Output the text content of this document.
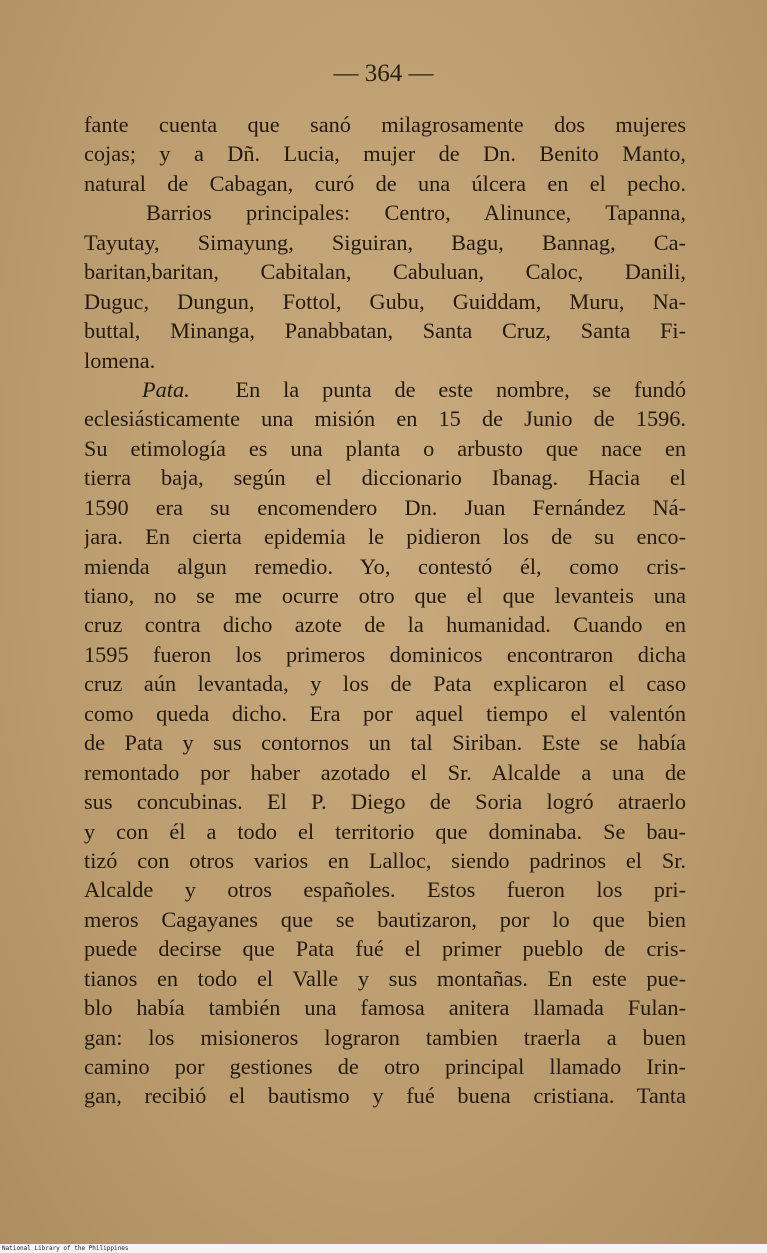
— 364 —
fante cuenta que sanó milagrosamente dos mujeres
cojas; y a Dñ. Lucia, mujer de Dn. Benito Manto,
natural de Cabagan, curó de una úlcera en el pecho.
Barrios principales: Centro, Alinunce, Tapanna,
Tayutay, Simayung, Siguiran, Bagu, Bannag, Ca-
baritan,baritan, Cabitalan, Cabuluan, Caloc, Danili,
Duguc, Dungun, Fottol, Gubu, Guiddam, Muru, Na-
buttal, Minanga, Panabbatan, Santa Cruz, Santa Fi-
lomena.
Pata. En la punta de este nombre, se fundó
eclesiásticamente una misión en 15 de Junio de 1596.
Su etimología es una planta o arbusto que nace en
tierra baja, según el diccionario Ibanag. Hacia el
1590 era su encomendero Dn. Juan Fernández Ná-
jara. En cierta epidemia le pidieron los de su enco-
mienda algun remedio. Yo, contestó él, como cris-
tiano, no se me ocurre otro que el que levanteis una
cruz contra dicho azote de la humanidad. Cuando en
1595 fueron los primeros dominicos encontraron dicha
cruz aún levantada, y los de Pata explicaron el caso
como queda dicho. Era por aquel tiempo el valentón
de Pata y sus contornos un tal Siriban. Este se había
remontado por haber azotado el Sr. Alcalde a una de
sus concubinas. El P. Diego de Soria logró atraerlo
y con él a todo el territorio que dominaba. Se bau-
tizó con otros varios en Lalloc, siendo padrinos el Sr.
Alcalde y otros españoles. Estos fueron los pri-
meros Cagayanes que se bautizaron, por lo que bien
puede decirse que Pata fué el primer pueblo de cris-
tianos en todo el Valle y sus montañas. En este pue-
blo había también una famosa anitera llamada Fulan-
gan: los misioneros lograron tambien traerla a buen
camino por gestiones de otro principal llamado Irin-
gan, recibió el bautismo y fué buena cristiana. Tanta
National Library of the Philippines
